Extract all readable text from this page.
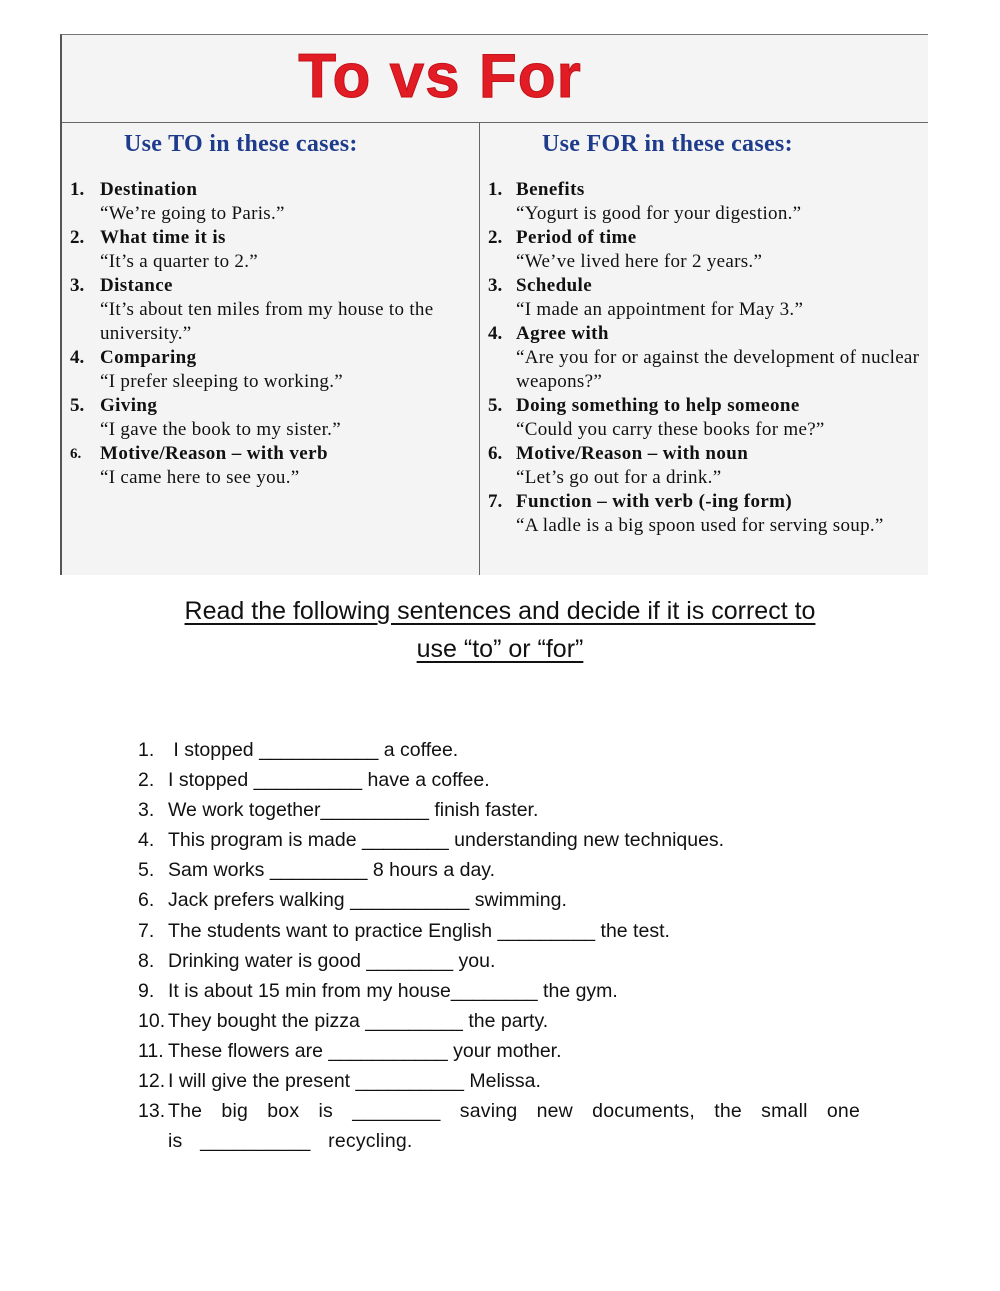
To vs For
Use TO in these cases:
1. Destination
“We’re going to Paris.”
2. What time it is
“It’s a quarter to 2.”
3. Distance
“It’s about ten miles from my house to the university.”
4. Comparing
“I prefer sleeping to working.”
5. Giving
“I gave the book to my sister.”
6. Motive/Reason – with verb
“I came here to see you.”
Use FOR in these cases:
1. Benefits
“Yogurt is good for your digestion.”
2. Period of time
“We’ve lived here for 2 years.”
3. Schedule
“I made an appointment for May 3.”
4. Agree with
“Are you for or against the development of nuclear weapons?”
5. Doing something to help someone
“Could you carry these books for me?”
6. Motive/Reason – with noun
“Let’s go out for a drink.”
7. Function – with verb (-ing form)
“A ladle is a big spoon used for serving soup.”
Read the following sentences and decide if it is correct to
use “to” or “for”
1. I stopped ___________ a coffee.
2. I stopped __________ have a coffee.
3. We work together__________ finish faster.
4. This program is made ________ understanding new techniques.
5. Sam works _________ 8 hours a day.
6. Jack prefers walking ___________ swimming.
7. The students want to practice English _________ the test.
8. Drinking water is good ________ you.
9. It is about 15 min from my house________ the gym.
10. They bought the pizza _________ the party.
11. These flowers are ___________ your mother.
12. I will give the present __________ Melissa.
13. The big box is ________ saving new documents, the small one is __________ recycling.
